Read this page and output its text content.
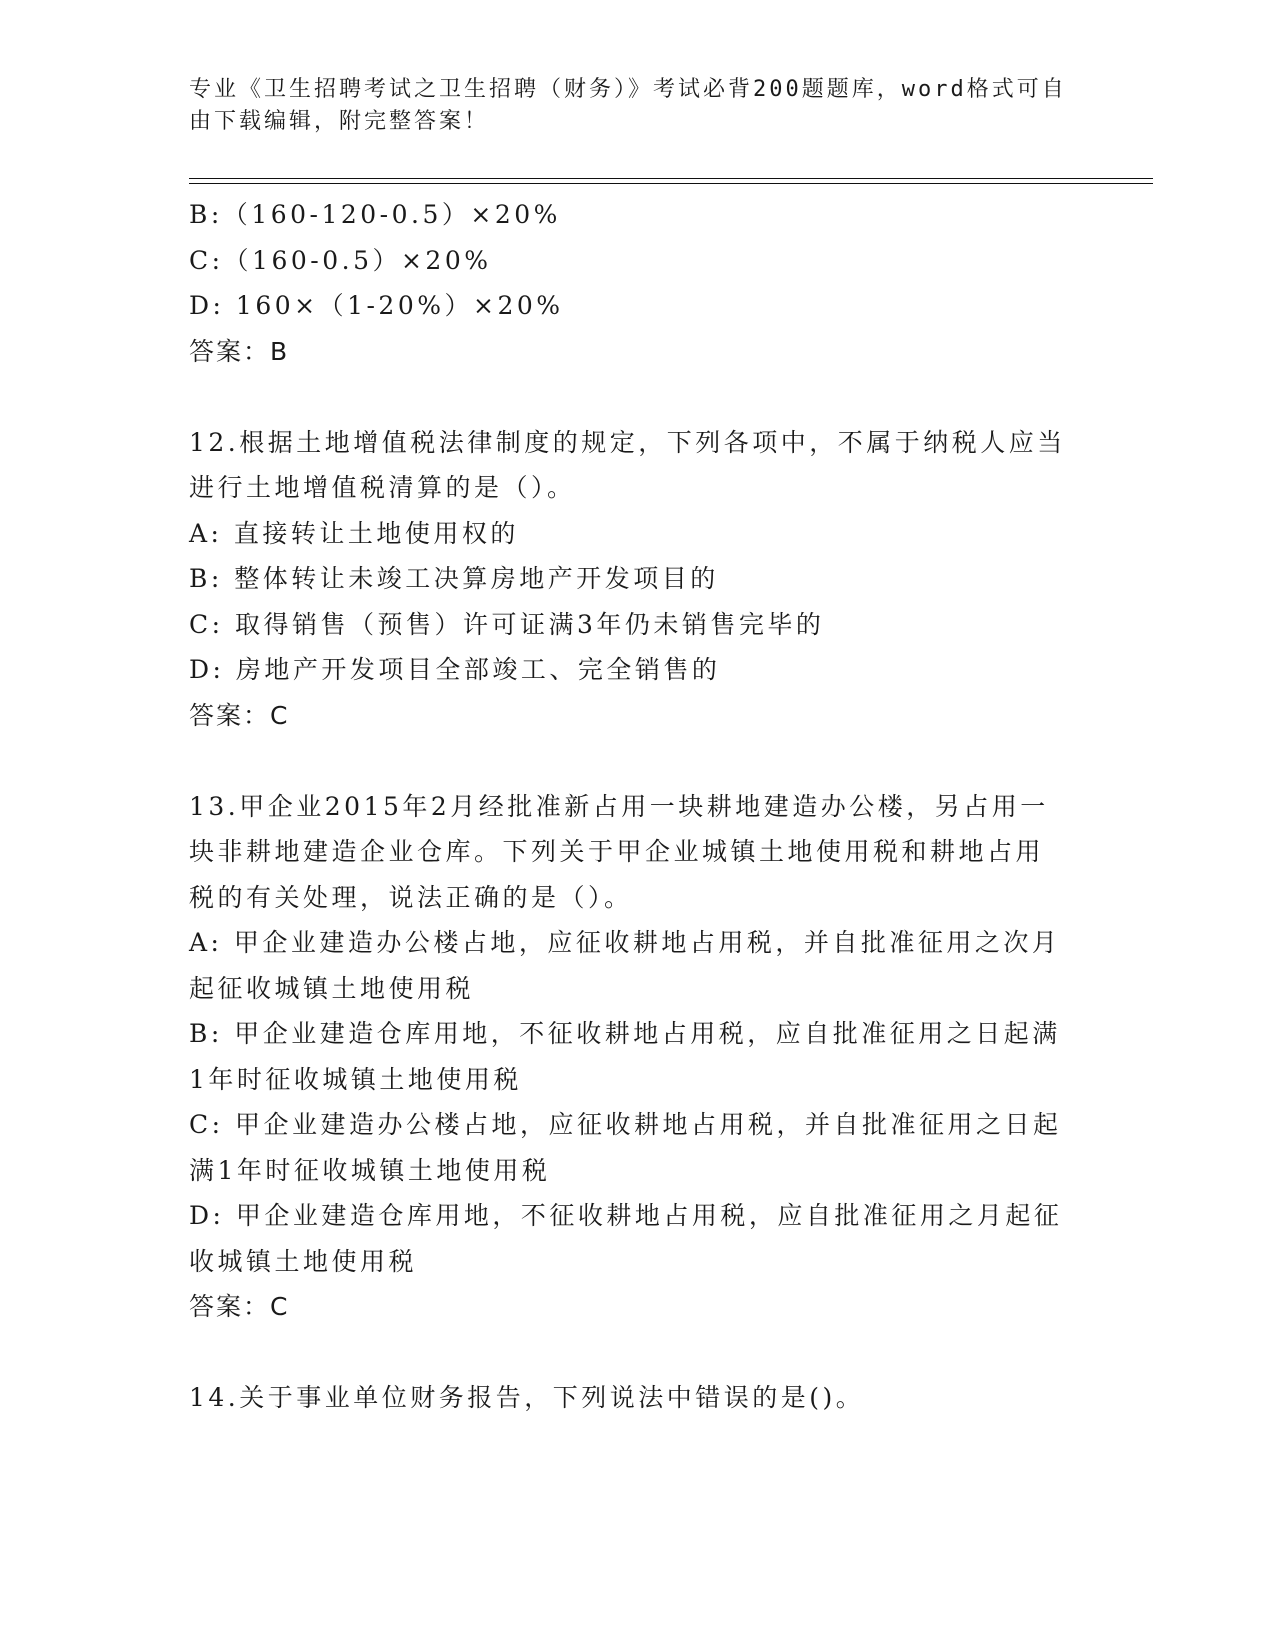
专业《卫生招聘考试之卫生招聘（财务）》考试必背200题题库，word格式可自
由下载编辑，附完整答案！
B:（160-120-0.5）×20%
C:（160-0.5）×20%
D: 160×（1-20%）×20%
答案：B
12.根据土地增值税法律制度的规定，下列各项中，不属于纳税人应当
进行土地增值税清算的是（）。
A: 直接转让土地使用权的
B: 整体转让未竣工决算房地产开发项目的
C: 取得销售（预售）许可证满3年仍未销售完毕的
D: 房地产开发项目全部竣工、完全销售的
答案：C
13.甲企业2015年2月经批准新占用一块耕地建造办公楼，另占用一
块非耕地建造企业仓库。下列关于甲企业城镇土地使用税和耕地占用
税的有关处理，说法正确的是（）。
A: 甲企业建造办公楼占地，应征收耕地占用税，并自批准征用之次月
起征收城镇土地使用税
B: 甲企业建造仓库用地，不征收耕地占用税，应自批准征用之日起满
1年时征收城镇土地使用税
C: 甲企业建造办公楼占地，应征收耕地占用税，并自批准征用之日起
满1年时征收城镇土地使用税
D: 甲企业建造仓库用地，不征收耕地占用税，应自批准征用之月起征
收城镇土地使用税
答案：C
14.关于事业单位财务报告，下列说法中错误的是()。
